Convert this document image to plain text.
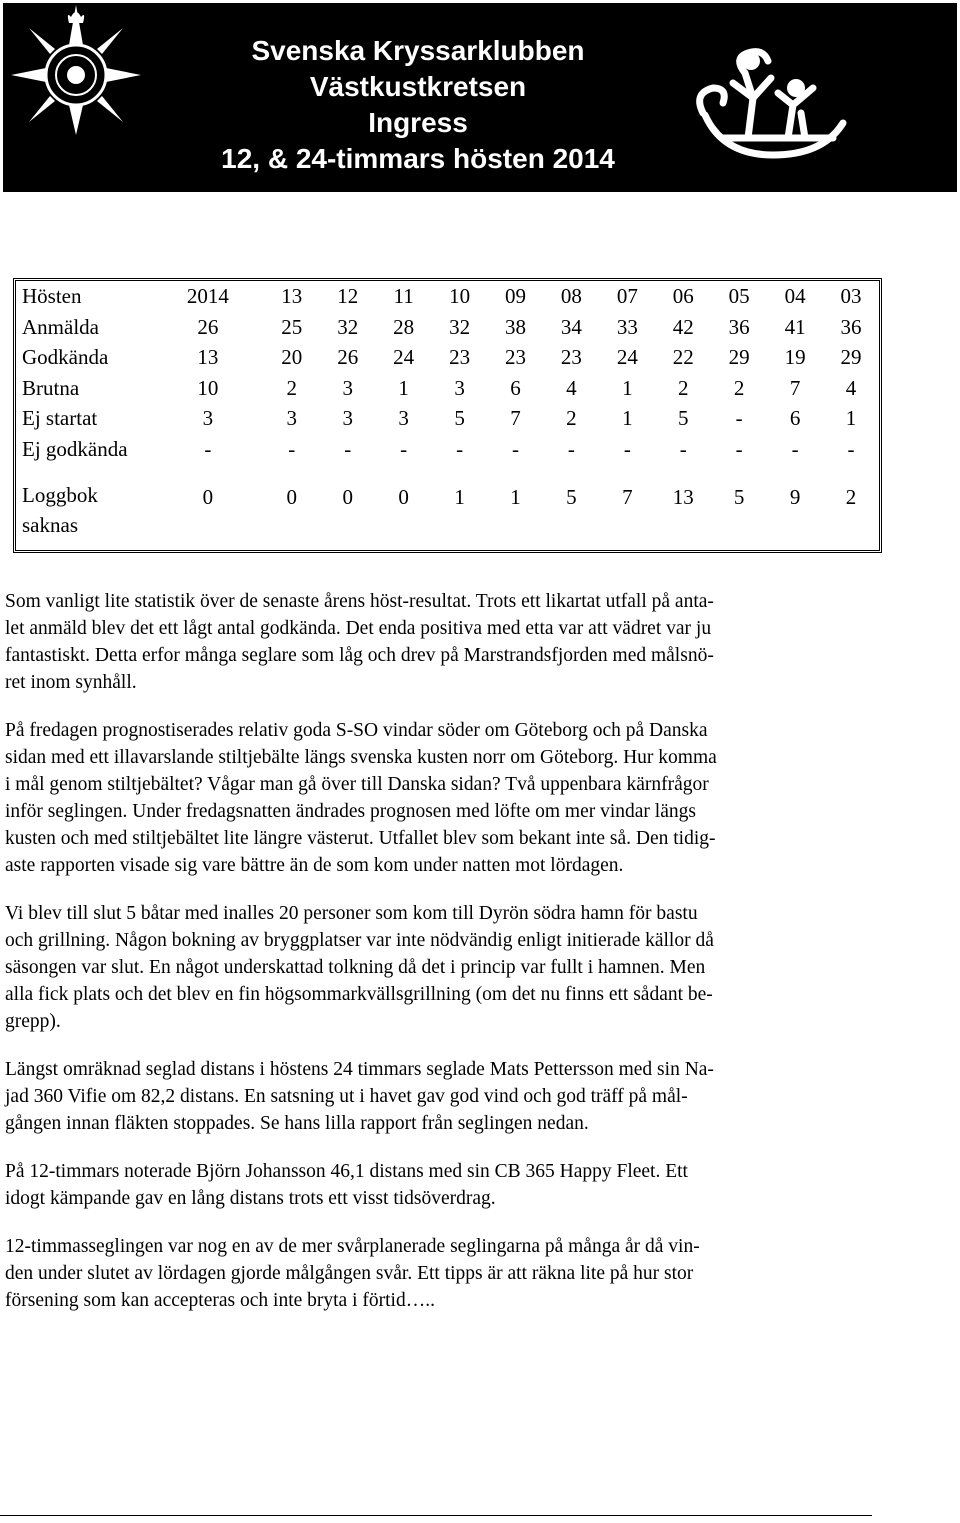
Svenska Kryssarklubben
Västkustkretsen
Ingress
12, & 24-timmars hösten 2014
Hösten	2014	13	12	11	10	09	08	07	06	05	04	03
Anmälda	26	25	32	28	32	38	34	33	42	36	41	36
Godkända	13	20	26	24	23	23	23	24	22	29	19	29
Brutna	10	2	3	1	3	6	4	1	2	2	7	4
Ej startat	3	3	3	3	5	7	2	1	5	-	6	1
Ej godkända	-	-	-	-	-	-	-	-	-	-	-	-

Loggbok
saknas	0	0	0	0	1	1	5	7	13	5	9	2

Som vanligt lite statistik över de senaste årens höst-resultat. Trots ett likartat utfall på anta-
let anmäld blev det ett lågt antal godkända. Det enda positiva med etta var att vädret var ju
fantastiskt. Detta erfor många seglare som låg och drev på Marstrandsfjorden med målsnö-
ret inom synhåll.

På fredagen prognostiserades relativ goda S-SO vindar söder om Göteborg och på Danska
sidan med ett illavarslande stiltjebälte längs svenska kusten norr om Göteborg. Hur komma
i mål genom stiltjebältet? Vågar man gå över till Danska sidan? Två uppenbara kärnfrågor
inför seglingen. Under fredagsnatten ändrades prognosen med löfte om mer vindar längs
kusten och med stiltjebältet lite längre västerut. Utfallet blev som bekant inte så. Den tidig-
aste rapporten visade sig vare bättre än de som kom under natten mot lördagen.

Vi blev till slut 5 båtar med inalles 20 personer som kom till Dyrön södra hamn för bastu
och grillning. Någon bokning av bryggplatser var inte nödvändig enligt initierade källor då
säsongen var slut. En något underskattad tolkning då det i princip var fullt i hamnen. Men
alla fick plats och det blev en fin högsommarkvällsgrillning (om det nu finns ett sådant be-
grepp).

Längst omräknad seglad distans i höstens 24 timmars seglade Mats Pettersson med sin Na-
jad 360 Vifie om 82,2 distans. En satsning ut i havet gav god vind och god träff på mål-
gången innan fläkten stoppades. Se hans lilla rapport från seglingen nedan.

På 12-timmars noterade Björn Johansson 46,1 distans med sin CB 365 Happy Fleet. Ett
idogt kämpande gav en lång distans trots ett visst tidsöverdrag.

12-timmasseglingen var nog en av de mer svårplanerade seglingarna på många år då vin-
den under slutet av lördagen gjorde målgången svår. Ett tipps är att räkna lite på hur stor
försening som kan accepteras och inte bryta i förtid…..
